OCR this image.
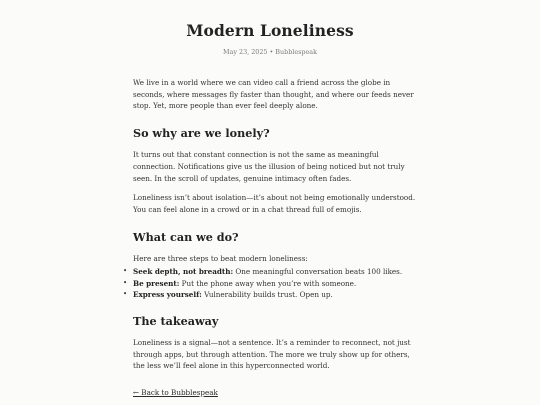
Modern Loneliness
May 23, 2025 • Bubblespeak

We live in a world where we can video call a friend across the globe in seconds, where messages fly faster than thought, and where our feeds never stop. Yet, more people than ever feel deeply alone.

So why are we lonely?

It turns out that constant connection is not the same as meaningful connection. Notifications give us the illusion of being noticed but not truly seen. In the scroll of updates, genuine intimacy often fades.

Loneliness isn’t about isolation—it’s about not being emotionally understood. You can feel alone in a crowd or in a chat thread full of emojis.

What can we do?

Here are three steps to beat modern loneliness:

• Seek depth, not breadth: One meaningful conversation beats 100 likes.
• Be present: Put the phone away when you’re with someone.
• Express yourself: Vulnerability builds trust. Open up.
The takeaway

Loneliness is a signal—not a sentence. It’s a reminder to reconnect, not just through apps, but through attention. The more we truly show up for others, the less we’ll feel alone in this hyperconnected world.

← Back to Bubblespeak
